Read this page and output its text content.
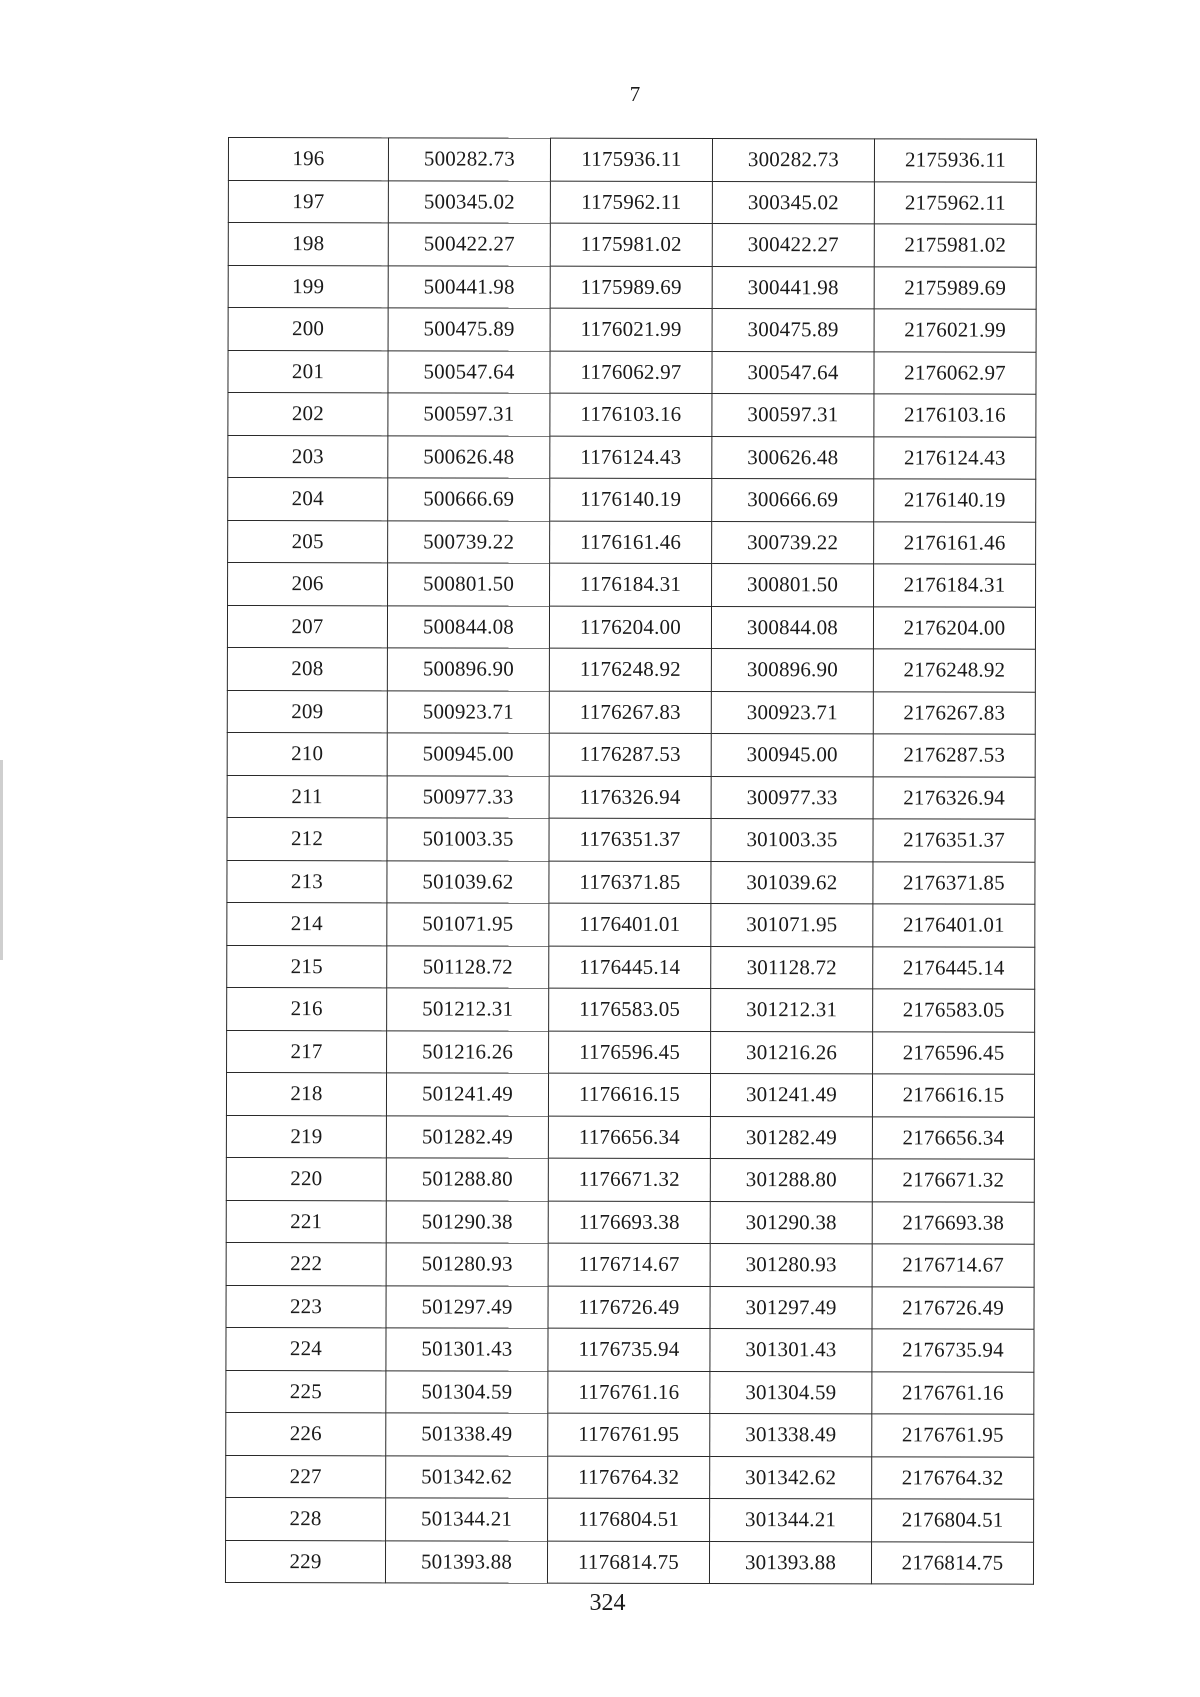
7
196	500282.73	1175936.11	300282.73	2175936.11
197	500345.02	1175962.11	300345.02	2175962.11
198	500422.27	1175981.02	300422.27	2175981.02
199	500441.98	1175989.69	300441.98	2175989.69
200	500475.89	1176021.99	300475.89	2176021.99
201	500547.64	1176062.97	300547.64	2176062.97
202	500597.31	1176103.16	300597.31	2176103.16
203	500626.48	1176124.43	300626.48	2176124.43
204	500666.69	1176140.19	300666.69	2176140.19
205	500739.22	1176161.46	300739.22	2176161.46
206	500801.50	1176184.31	300801.50	2176184.31
207	500844.08	1176204.00	300844.08	2176204.00
208	500896.90	1176248.92	300896.90	2176248.92
209	500923.71	1176267.83	300923.71	2176267.83
210	500945.00	1176287.53	300945.00	2176287.53
211	500977.33	1176326.94	300977.33	2176326.94
212	501003.35	1176351.37	301003.35	2176351.37
213	501039.62	1176371.85	301039.62	2176371.85
214	501071.95	1176401.01	301071.95	2176401.01
215	501128.72	1176445.14	301128.72	2176445.14
216	501212.31	1176583.05	301212.31	2176583.05
217	501216.26	1176596.45	301216.26	2176596.45
218	501241.49	1176616.15	301241.49	2176616.15
219	501282.49	1176656.34	301282.49	2176656.34
220	501288.80	1176671.32	301288.80	2176671.32
221	501290.38	1176693.38	301290.38	2176693.38
222	501280.93	1176714.67	301280.93	2176714.67
223	501297.49	1176726.49	301297.49	2176726.49
224	501301.43	1176735.94	301301.43	2176735.94
225	501304.59	1176761.16	301304.59	2176761.16
226	501338.49	1176761.95	301338.49	2176761.95
227	501342.62	1176764.32	301342.62	2176764.32
228	501344.21	1176804.51	301344.21	2176804.51
229	501393.88	1176814.75	301393.88	2176814.75
324
